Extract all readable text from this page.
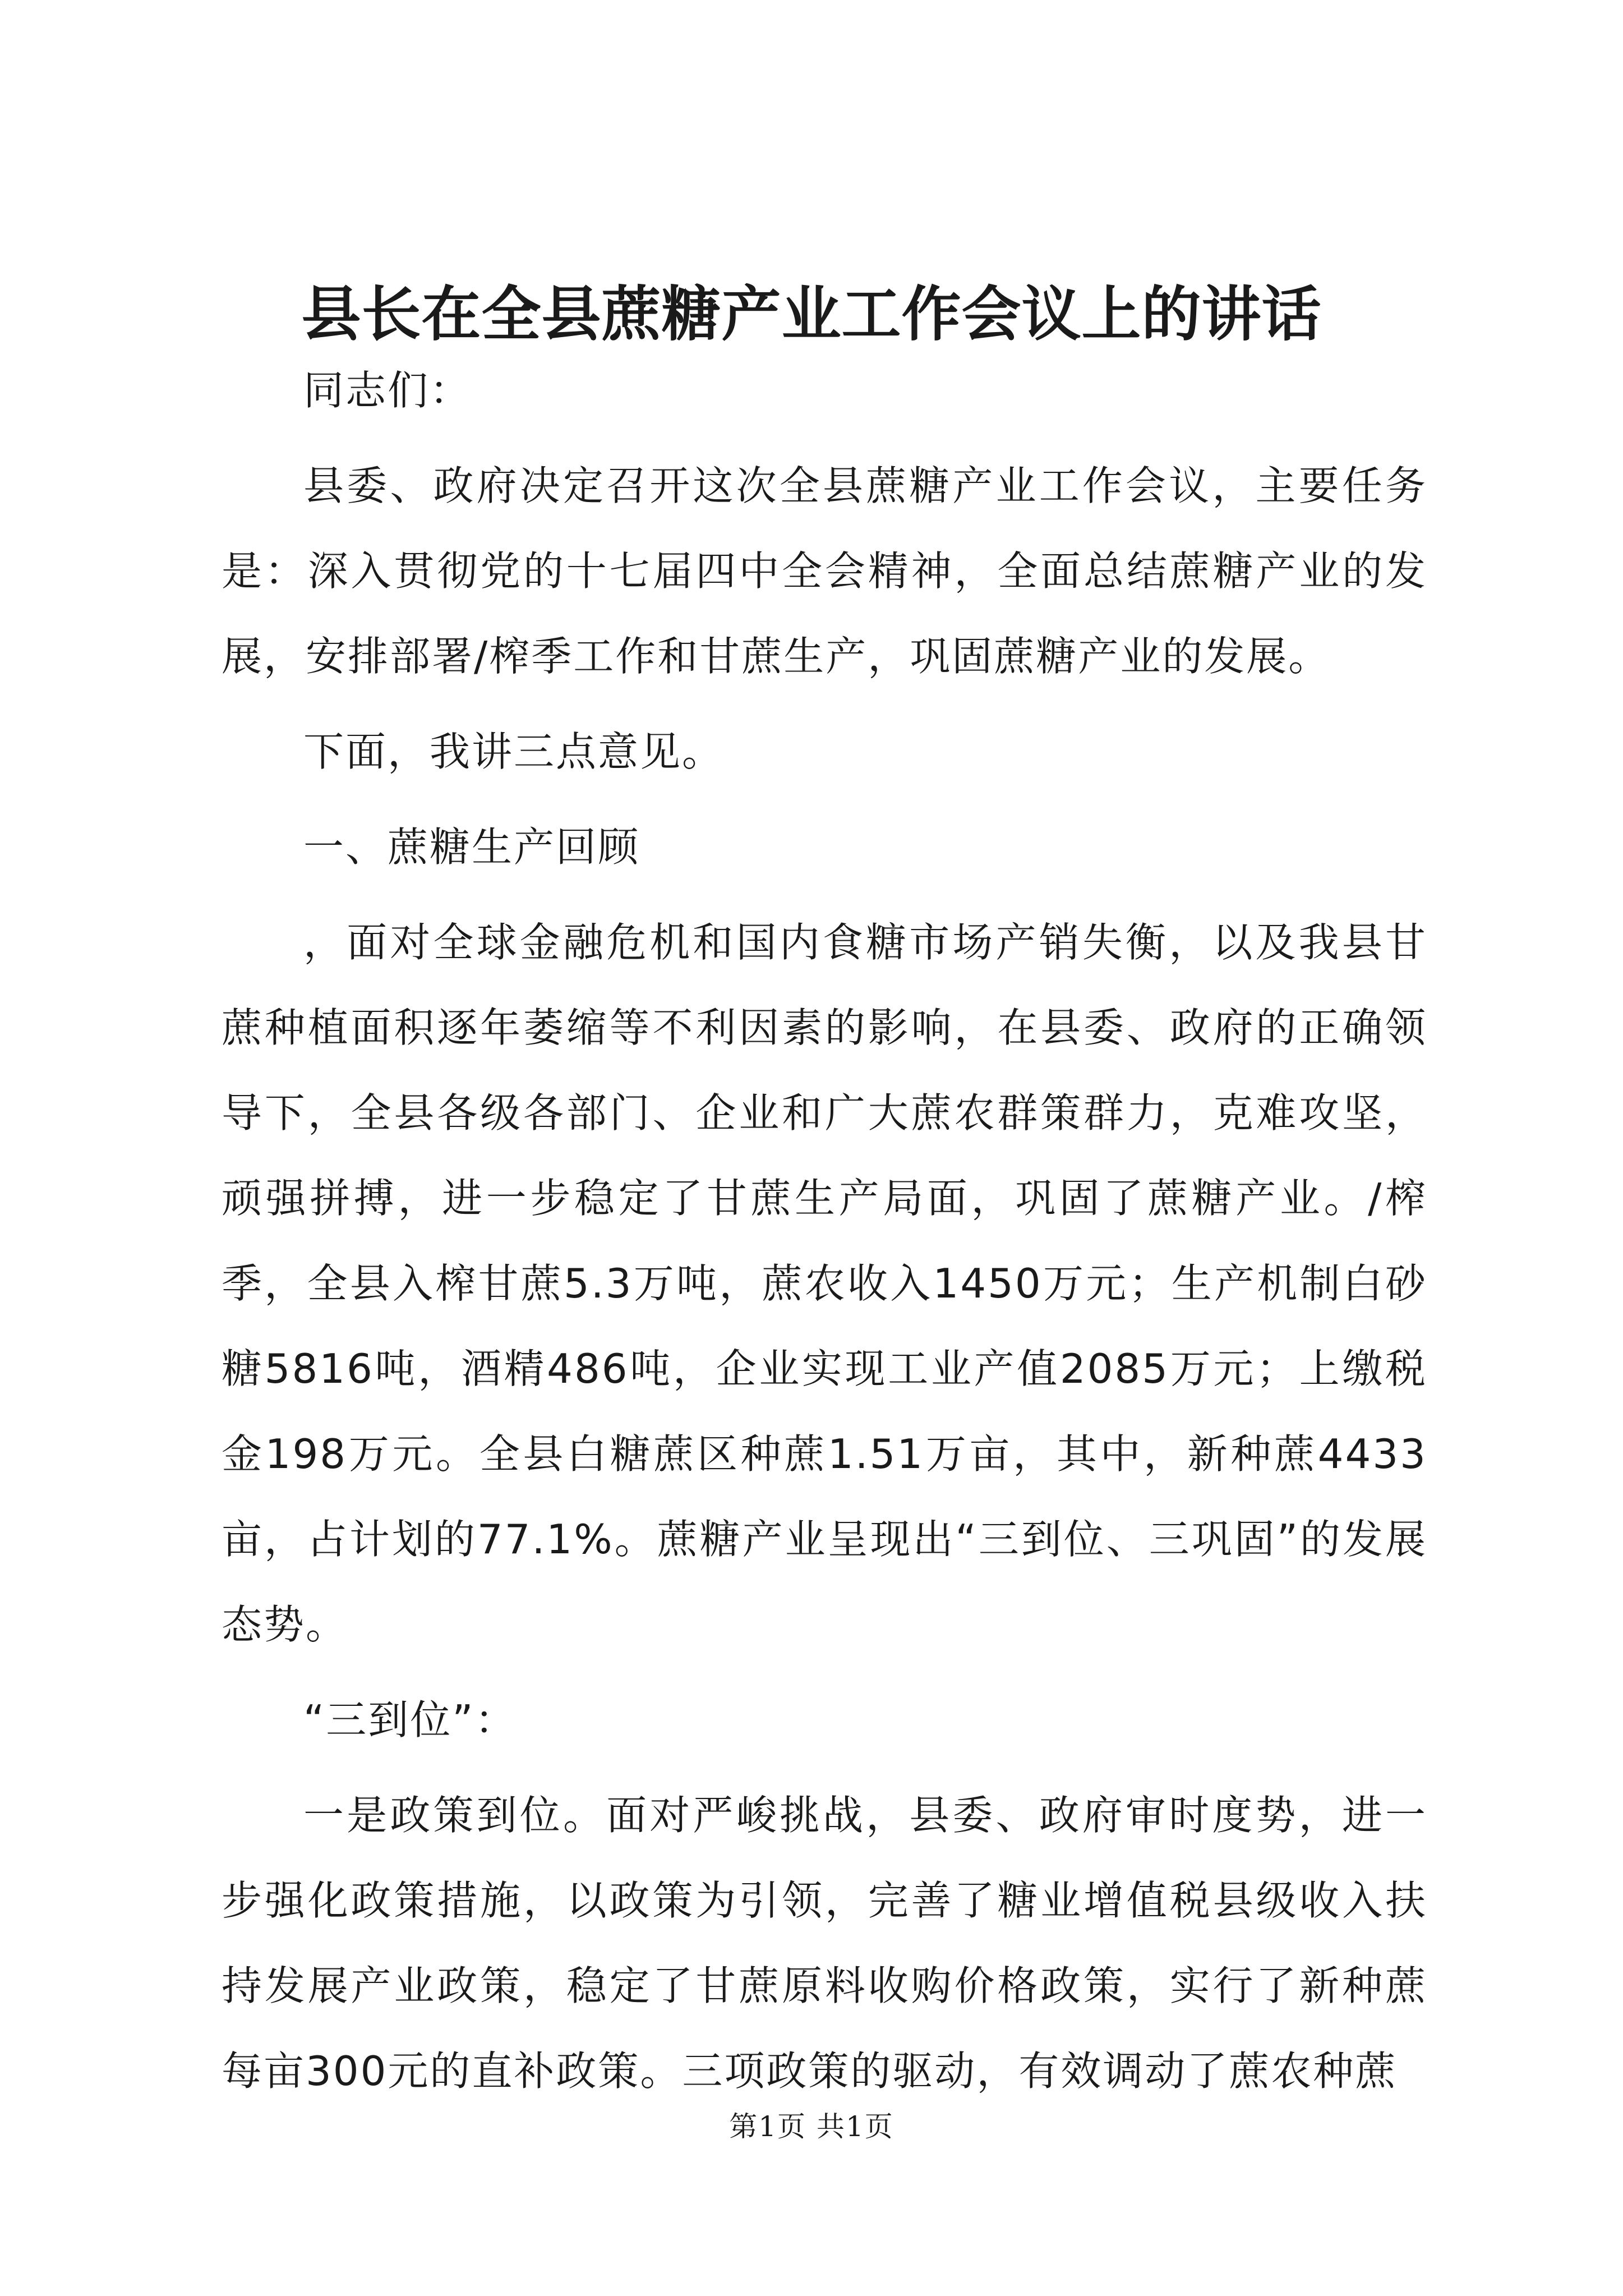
县长在全县蔗糖产业工作会议上的讲话

同志们：

县委、政府决定召开这次全县蔗糖产业工作会议，主要任务是：深入贯彻党的十七届四中全会精神，全面总结蔗糖产业的发展，安排部署/榨季工作和甘蔗生产，巩固蔗糖产业的发展。

下面，我讲三点意见。

一、蔗糖生产回顾

，面对全球金融危机和国内食糖市场产销失衡，以及我县甘蔗种植面积逐年萎缩等不利因素的影响，在县委、政府的正确领导下，全县各级各部门、企业和广大蔗农群策群力，克难攻坚，顽强拼搏，进一步稳定了甘蔗生产局面，巩固了蔗糖产业。/榨季，全县入榨甘蔗5.3万吨，蔗农收入1450万元；生产机制白砂糖5816吨，酒精486吨，企业实现工业产值2085万元；上缴税金198万元。全县白糖蔗区种蔗1.51万亩，其中，新种蔗4433亩，占计划的77.1%。蔗糖产业呈现出“三到位、三巩固”的发展态势。

“三到位”：

一是政策到位。面对严峻挑战，县委、政府审时度势，进一步强化政策措施，以政策为引领，完善了糖业增值税县级收入扶持发展产业政策，稳定了甘蔗原料收购价格政策，实行了新种蔗每亩300元的直补政策。三项政策的驱动，有效调动了蔗农种蔗

第1页 共1页
